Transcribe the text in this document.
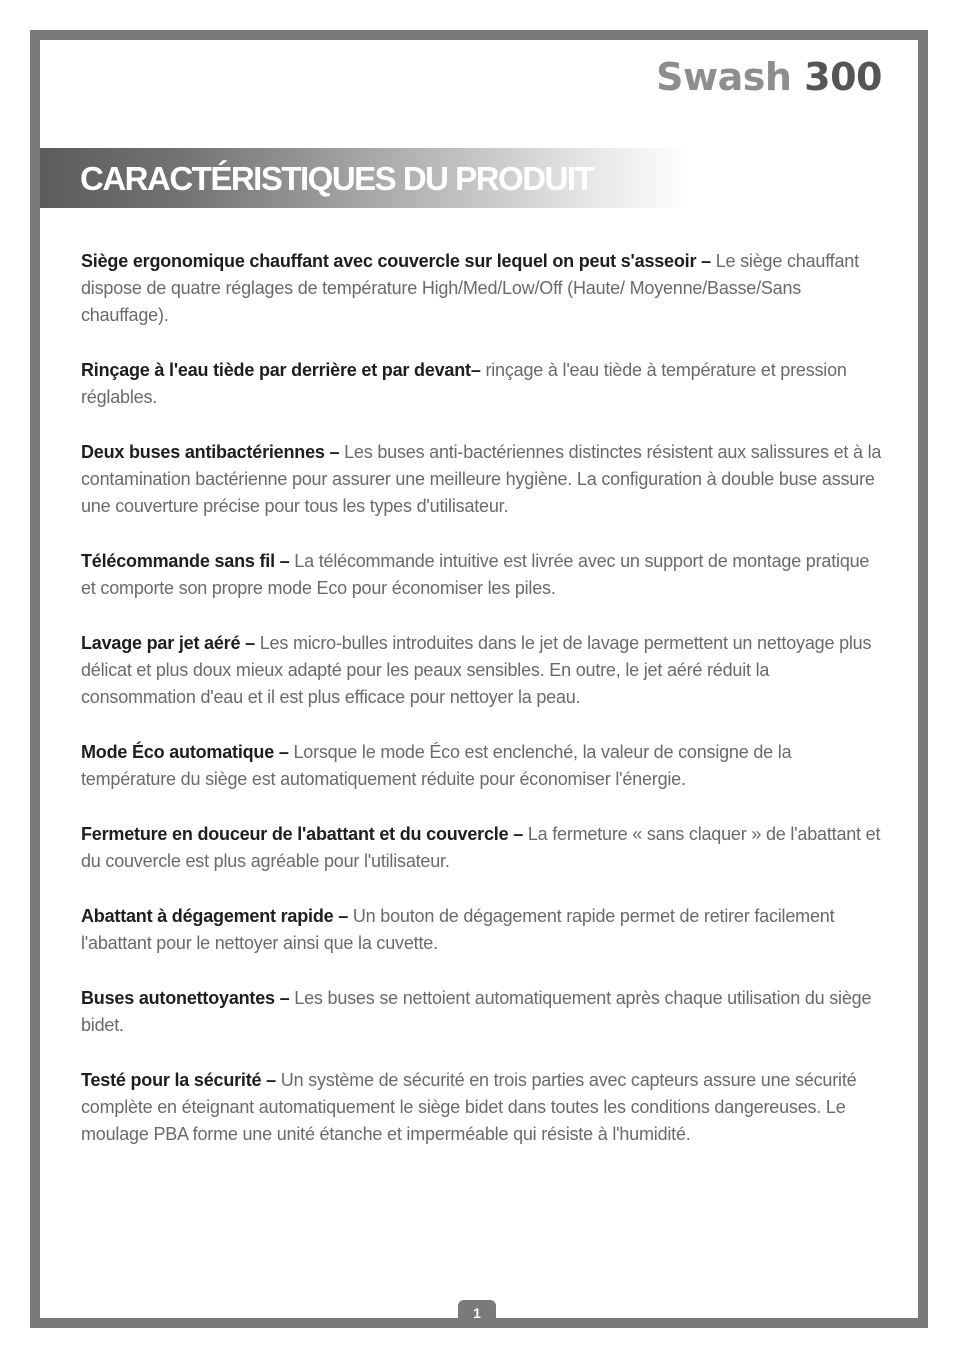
Swash 300
CARACTÉRISTIQUES DU PRODUIT

Siège ergonomique chauffant avec couvercle sur lequel on peut s'asseoir – Le siège chauffant dispose de quatre réglages de température High/Med/Low/Off (Haute/ Moyenne/Basse/Sans chauffage).

Rinçage à l'eau tiède par derrière et par devant– rinçage à l'eau tiède à température et pression réglables.

Deux buses antibactériennes – Les buses anti-bactériennes distinctes résistent aux salissures et à la contamination bactérienne pour assurer une meilleure hygiène. La configuration à double buse assure une couverture précise pour tous les types d'utilisateur.

Télécommande sans fil – La télécommande intuitive est livrée avec un support de montage pratique et comporte son propre mode Eco pour économiser les piles.

Lavage par jet aéré – Les micro-bulles introduites dans le jet de lavage permettent un nettoyage plus délicat et plus doux mieux adapté pour les peaux sensibles. En outre, le jet aéré réduit la consommation d'eau et il est plus efficace pour nettoyer la peau.

Mode Éco automatique – Lorsque le mode Éco est enclenché, la valeur de consigne de la température du siège est automatiquement réduite pour économiser l'énergie.

Fermeture en douceur de l'abattant et du couvercle – La fermeture « sans claquer » de l'abattant et du couvercle est plus agréable pour l'utilisateur.

Abattant à dégagement rapide – Un bouton de dégagement rapide permet de retirer facilement l'abattant pour le nettoyer ainsi que la cuvette.

Buses autonettoyantes – Les buses se nettoient automatiquement après chaque utilisation du siège bidet.

Testé pour la sécurité – Un système de sécurité en trois parties avec capteurs assure une sécurité complète en éteignant automatiquement le siège bidet dans toutes les conditions dangereuses. Le moulage PBA forme une unité étanche et imperméable qui résiste à l'humidité.

1
